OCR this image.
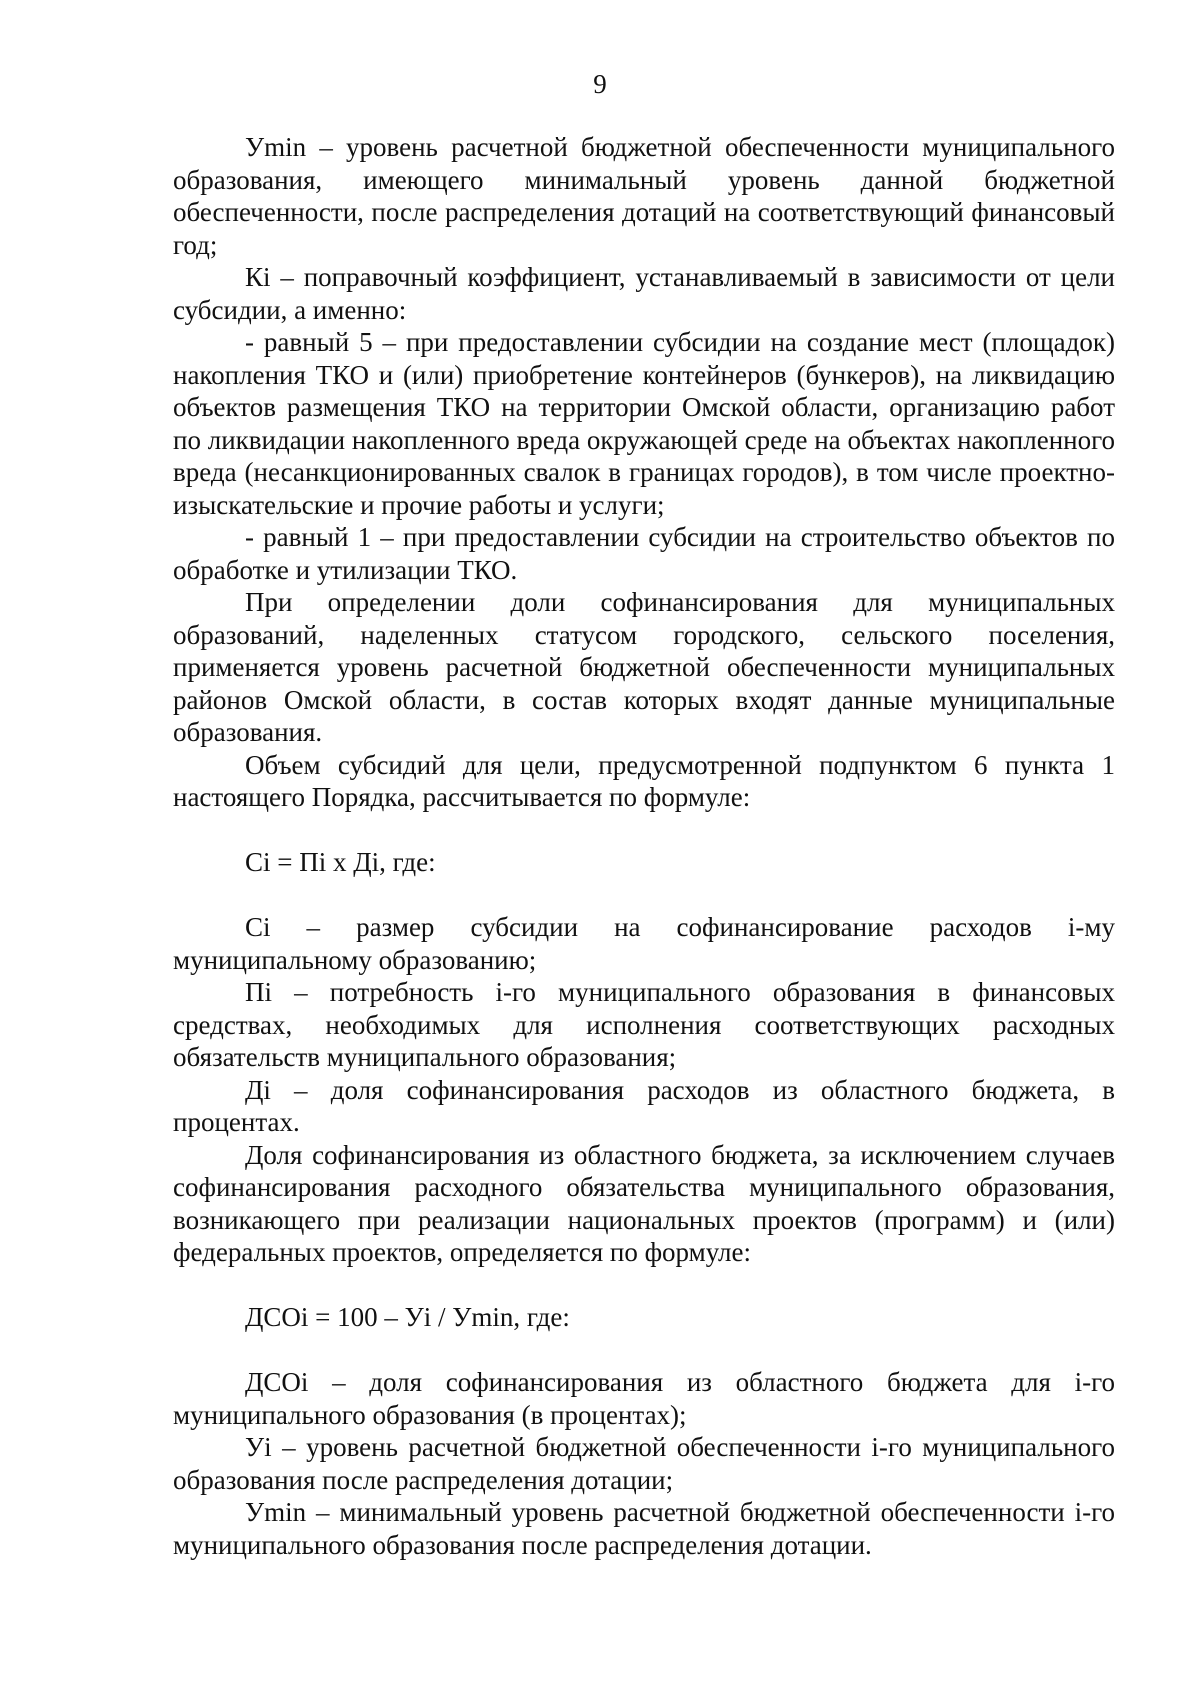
9

Уmin – уровень расчетной бюджетной обеспеченности муниципального образования, имеющего минимальный уровень данной бюджетной обеспеченности, после распределения дотаций на соответствующий финансовый год;

Кi – поправочный коэффициент, устанавливаемый в зависимости от цели субсидии, а именно:

- равный 5 – при предоставлении субсидии на создание мест (площадок) накопления ТКО и (или) приобретение контейнеров (бункеров), на ликвидацию объектов размещения ТКО на территории Омской области, организацию работ по ликвидации накопленного вреда окружающей среде на объектах накопленного вреда (несанкционированных свалок в границах городов), в том числе проектно-изыскательские и прочие работы и услуги;

- равный 1 – при предоставлении субсидии на строительство объектов по обработке и утилизации ТКО.

При определении доли софинансирования для муниципальных образований, наделенных статусом городского, сельского поселения, применяется уровень расчетной бюджетной обеспеченности муниципальных районов Омской области, в состав которых входят данные муниципальные образования.

Объем субсидий для цели, предусмотренной подпунктом 6 пункта 1 настоящего Порядка, рассчитывается по формуле:

Сi = Пi х Дi, где:

Сi – размер субсидии на софинансирование расходов i-му муниципальному образованию;

Пi – потребность i-го муниципального образования в финансовых средствах, необходимых для исполнения соответствующих расходных обязательств муниципального образования;

Дi – доля софинансирования расходов из областного бюджета, в процентах.

Доля софинансирования из областного бюджета, за исключением случаев софинансирования расходного обязательства муниципального образования, возникающего при реализации национальных проектов (программ) и (или) федеральных проектов, определяется по формуле:

ДСОi = 100 – Уi / Уmin, где:

ДСОi – доля софинансирования из областного бюджета для i-го муниципального образования (в процентах);

Уi – уровень расчетной бюджетной обеспеченности i-го муниципального образования после распределения дотации;

Уmin – минимальный уровень расчетной бюджетной обеспеченности i-го муниципального образования после распределения дотации.
